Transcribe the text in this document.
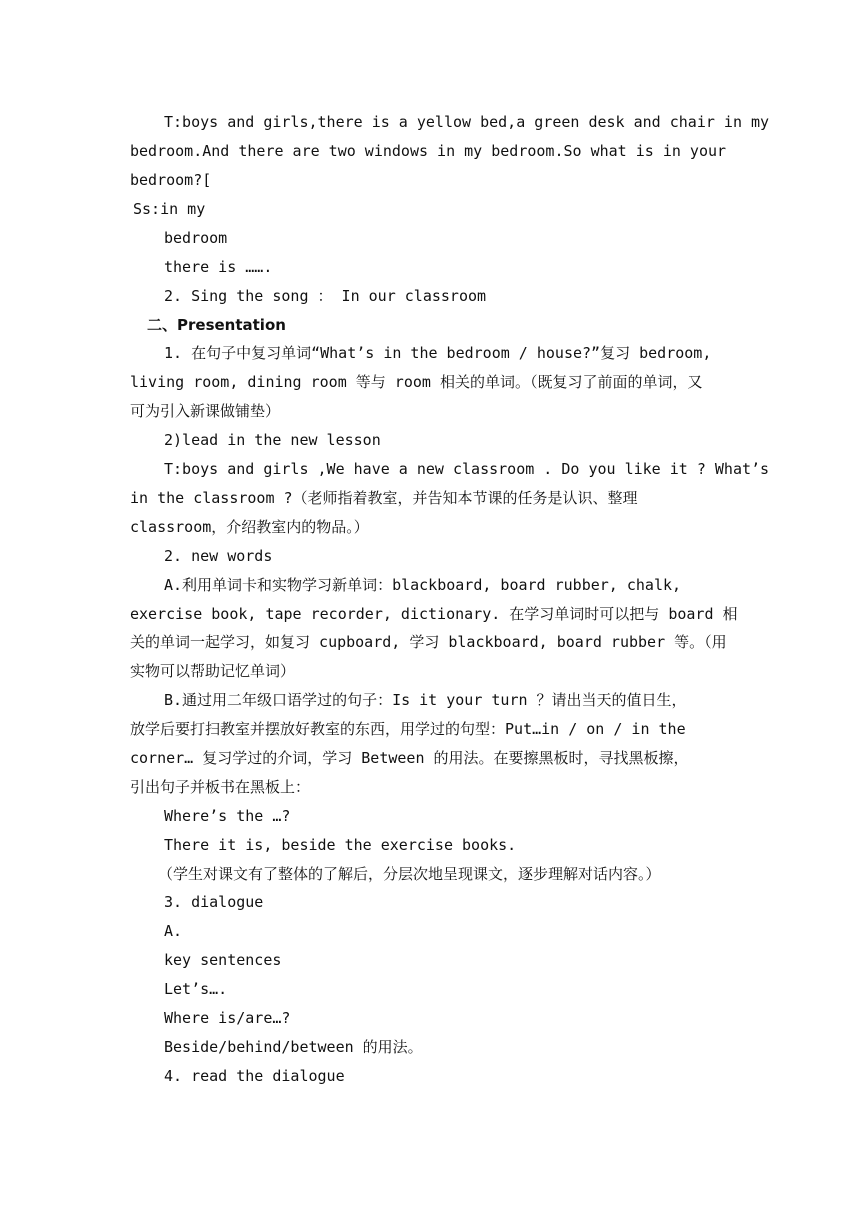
T:boys and girls,there is a yellow bed,a green desk and chair in my
bedroom.And there are two windows in my bedroom.So what is in your
bedroom?[
Ss:in my
bedroom
there is …….
2. Sing the song ： In our classroom
二、Presentation
1. 在句子中复习单词“What’s in the bedroom / house?”复习 bedroom,
living room, dining room 等与 room 相关的单词。（既复习了前面的单词，又
可为引入新课做铺垫）
2)lead in the new lesson
T:boys and girls ,We have a new classroom . Do you like it ? What’s
in the classroom ?（老师指着教室，并告知本节课的任务是认识、整理
classroom，介绍教室内的物品。）
2. new words
A.利用单词卡和实物学习新单词：blackboard, board rubber, chalk,
exercise book, tape recorder, dictionary. 在学习单词时可以把与 board 相
关的单词一起学习，如复习 cupboard, 学习 blackboard, board rubber 等。（用
实物可以帮助记忆单词）
B.通过用二年级口语学过的句子：Is it your turn ？请出当天的值日生，
放学后要打扫教室并摆放好教室的东西，用学过的句型：Put…in / on / in the
corner… 复习学过的介词，学习 Between 的用法。在要擦黑板时，寻找黑板擦，
引出句子并板书在黑板上：
Where’s the …?
There it is, beside the exercise books.
（学生对课文有了整体的了解后，分层次地呈现课文，逐步理解对话内容。）
3. dialogue
A.
key sentences
Let’s….
Where is/are…?
Beside/behind/between 的用法。
4. read the dialogue
